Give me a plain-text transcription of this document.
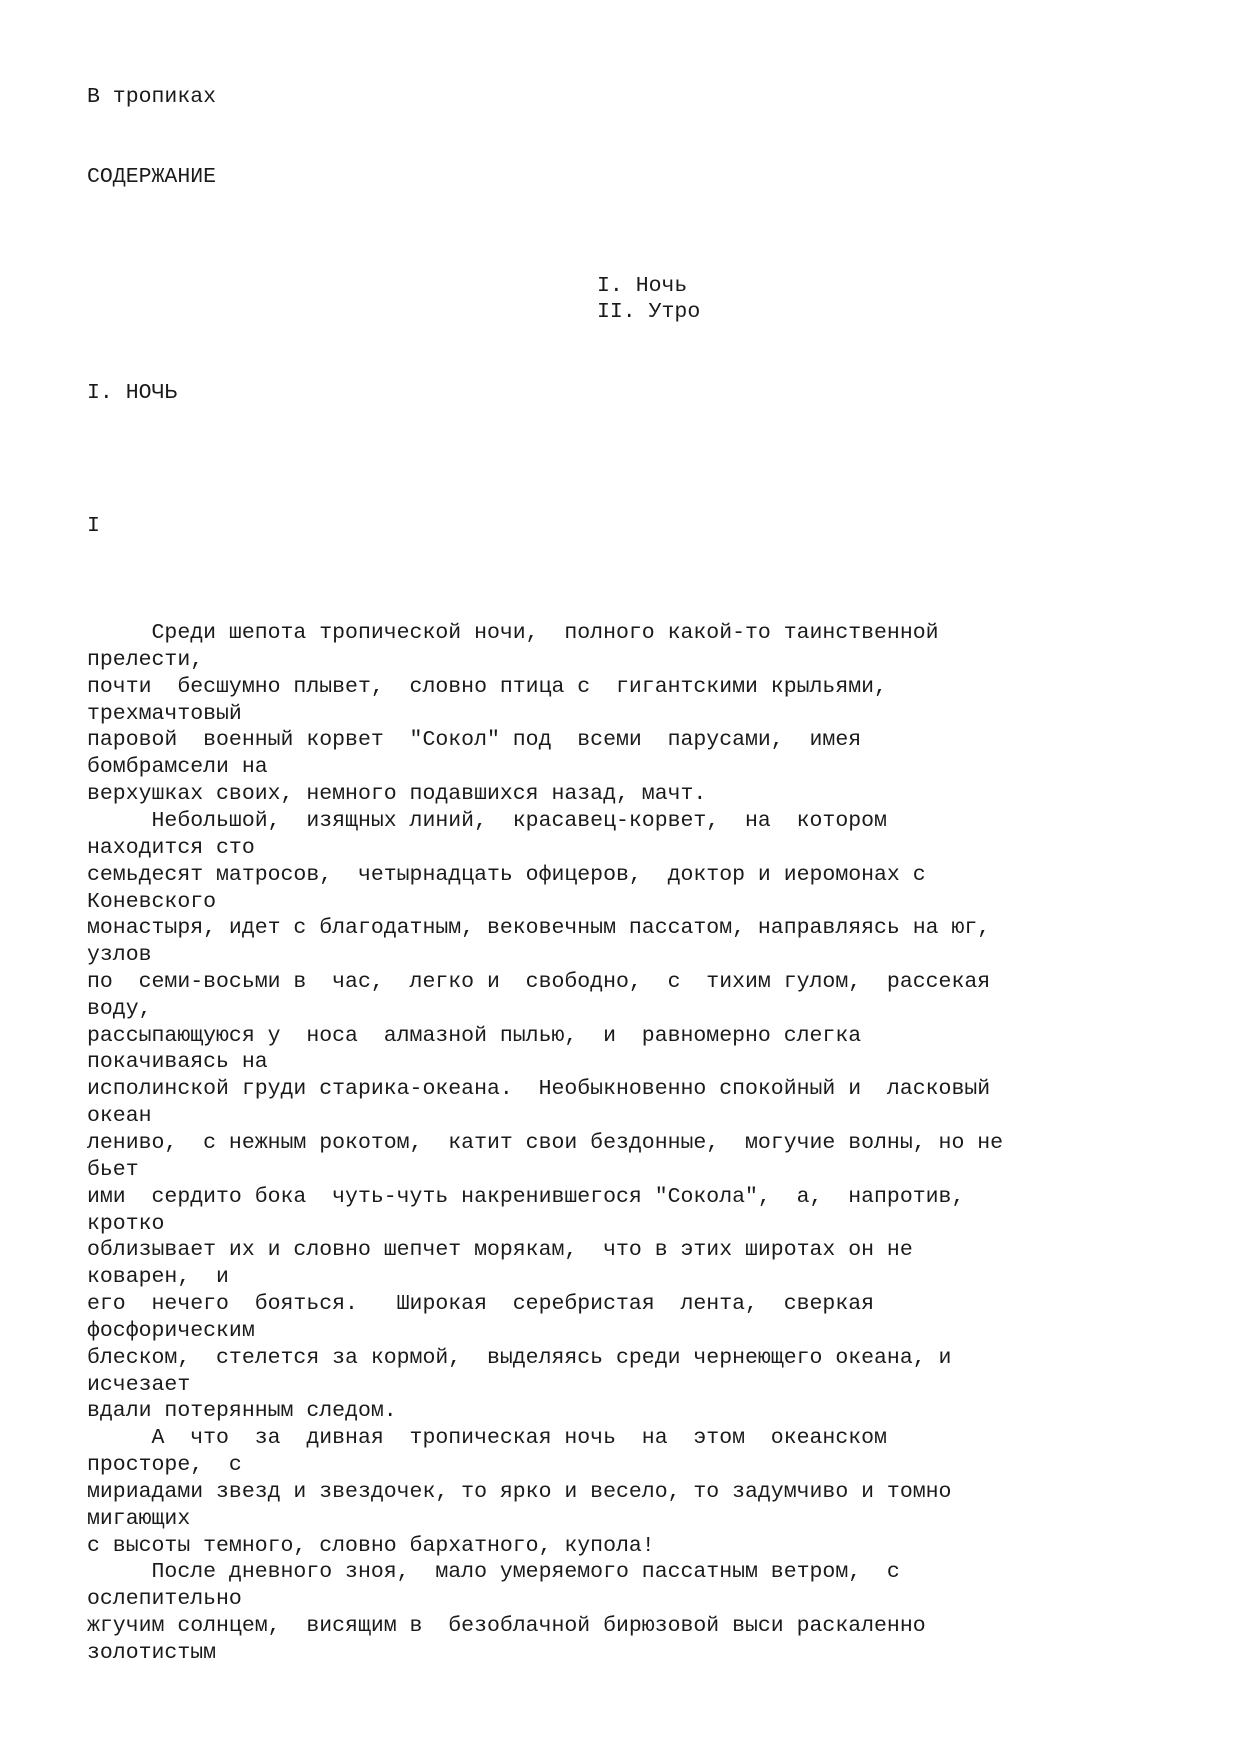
В тропиках
СОДЕРЖАНИЕ
I. Ночь
II. Утро
I. НОЧЬ
I
Среди шепота тропической ночи,  полного какой-то таинственной
прелести,
почти  бесшумно плывет,  словно птица с  гигантскими крыльями,
трехмачтовый
паровой  военный корвет  "Сокол" под  всеми  парусами,  имея
бомбрамсели на
верхушках своих, немного подавшихся назад, мачт.
Небольшой,  изящных линий,  красавец-корвет,  на  котором
находится сто
семьдесят матросов,  четырнадцать офицеров,  доктор и иеромонах с
Коневского
монастыря, идет с благодатным, вековечным пассатом, направляясь на юг,
узлов
по  семи-восьми в  час,  легко и  свободно,  с  тихим гулом,  рассекая
воду,
рассыпающуюся у  носа  алмазной пылью,  и  равномерно слегка
покачиваясь на
исполинской груди старика-океана.  Необыкновенно спокойный и  ласковый
океан
лениво,  с нежным рокотом,  катит свои бездонные,  могучие волны, но не
бьет
ими  сердито бока  чуть-чуть накренившегося "Сокола",  а,  напротив,
кротко
облизывает их и словно шепчет морякам,  что в этих широтах он не
коварен,  и
его  нечего  бояться.   Широкая  серебристая  лента,  сверкая
фосфорическим
блеском,  стелется за кормой,  выделяясь среди чернеющего океана, и
исчезает
вдали потерянным следом.
А  что  за  дивная  тропическая ночь  на  этом  океанском
просторе,  с
мириадами звезд и звездочек, то ярко и весело, то задумчиво и томно
мигающих
с высоты темного, словно бархатного, купола!
После дневного зноя,  мало умеряемого пассатным ветром,  с
ослепительно
жгучим солнцем,  висящим в  безоблачной бирюзовой выси раскаленно
золотистым
